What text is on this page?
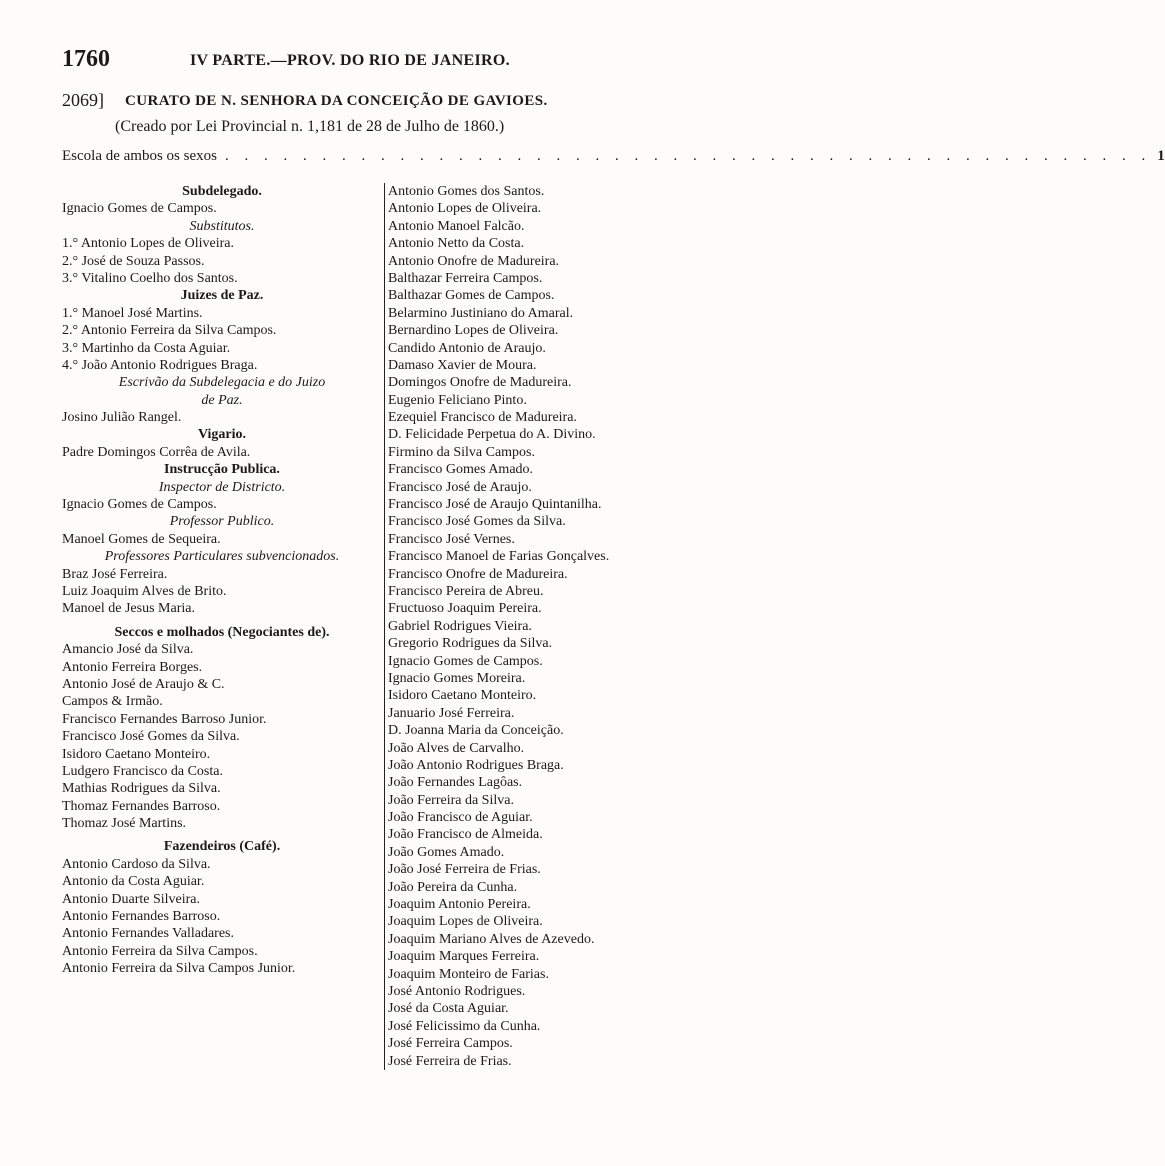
1760	IV PARTE.—PROV. DO RIO DE JANEIRO.
2069] CURATO DE N. SENHORA DA CONCEIÇÃO DE GAVIOES.
(Creado por Lei Provincial n. 1,181 de 28 de Julho de 1860.)
Escola de ambos os sexos . . . . . . . . . . . . . . . . . . . . . . . . . . . . . . . . . . . . . . . . . . . . . . . . 1
Subdelegado.
Ignacio Gomes de Campos.
Substitutos.
1.° Antonio Lopes de Oliveira.
2.° José de Souza Passos.
3.° Vitalino Coelho dos Santos.
Juizes de Paz.
1.° Manoel José Martins.
2.° Antonio Ferreira da Silva Campos.
3.° Martinho da Costa Aguiar.
4.° João Antonio Rodrigues Braga.
Escrivão da Subdelegacia e do Juizo
de Paz.
Josino Julião Rangel.
Vigario.
Padre Domingos Corrêa de Avila.
Instrucção Publica.
Inspector de Districto.
Ignacio Gomes de Campos.
Professor Publico.
Manoel Gomes de Sequeira.
Professores Particulares subvencionados.
Braz José Ferreira.
Luiz Joaquim Alves de Brito.
Manoel de Jesus Maria.
Seccos e molhados (Negociantes de).
Amancio José da Silva.
Antonio Ferreira Borges.
Antonio José de Araujo & C.
Campos & Irmão.
Francisco Fernandes Barroso Junior.
Francisco José Gomes da Silva.
Isidoro Caetano Monteiro.
Ludgero Francisco da Costa.
Mathias Rodrigues da Silva.
Thomaz Fernandes Barroso.
Thomaz José Martins.
Fazendeiros (Café).
Antonio Cardoso da Silva.
Antonio da Costa Aguiar.
Antonio Duarte Silveira.
Antonio Fernandes Barroso.
Antonio Fernandes Valladares.
Antonio Ferreira da Silva Campos.
Antonio Ferreira da Silva Campos Junior.
Antonio Gomes dos Santos.
Antonio Lopes de Oliveira.
Antonio Manoel Falcão.
Antonio Netto da Costa.
Antonio Onofre de Madureira.
Balthazar Ferreira Campos.
Balthazar Gomes de Campos.
Belarmino Justiniano do Amaral.
Bernardino Lopes de Oliveira.
Candido Antonio de Araujo.
Damaso Xavier de Moura.
Domingos Onofre de Madureira.
Eugenio Feliciano Pinto.
Ezequiel Francisco de Madureira.
D. Felicidade Perpetua do A. Divino.
Firmino da Silva Campos.
Francisco Gomes Amado.
Francisco José de Araujo.
Francisco José de Araujo Quintanilha.
Francisco José Gomes da Silva.
Francisco José Vernes.
Francisco Manoel de Farias Gonçalves.
Francisco Onofre de Madureira.
Francisco Pereira de Abreu.
Fructuoso Joaquim Pereira.
Gabriel Rodrigues Vieira.
Gregorio Rodrigues da Silva.
Ignacio Gomes de Campos.
Ignacio Gomes Moreira.
Isidoro Caetano Monteiro.
Januario José Ferreira.
D. Joanna Maria da Conceição.
João Alves de Carvalho.
João Antonio Rodrigues Braga.
João Fernandes Lagôas.
João Ferreira da Silva.
João Francisco de Aguiar.
João Francisco de Almeida.
João Gomes Amado.
João José Ferreira de Frias.
João Pereira da Cunha.
Joaquim Antonio Pereira.
Joaquim Lopes de Oliveira.
Joaquim Mariano Alves de Azevedo.
Joaquim Marques Ferreira.
Joaquim Monteiro de Farias.
José Antonio Rodrigues.
José da Costa Aguiar.
José Felicissimo da Cunha.
José Ferreira Campos.
José Ferreira de Frias.
